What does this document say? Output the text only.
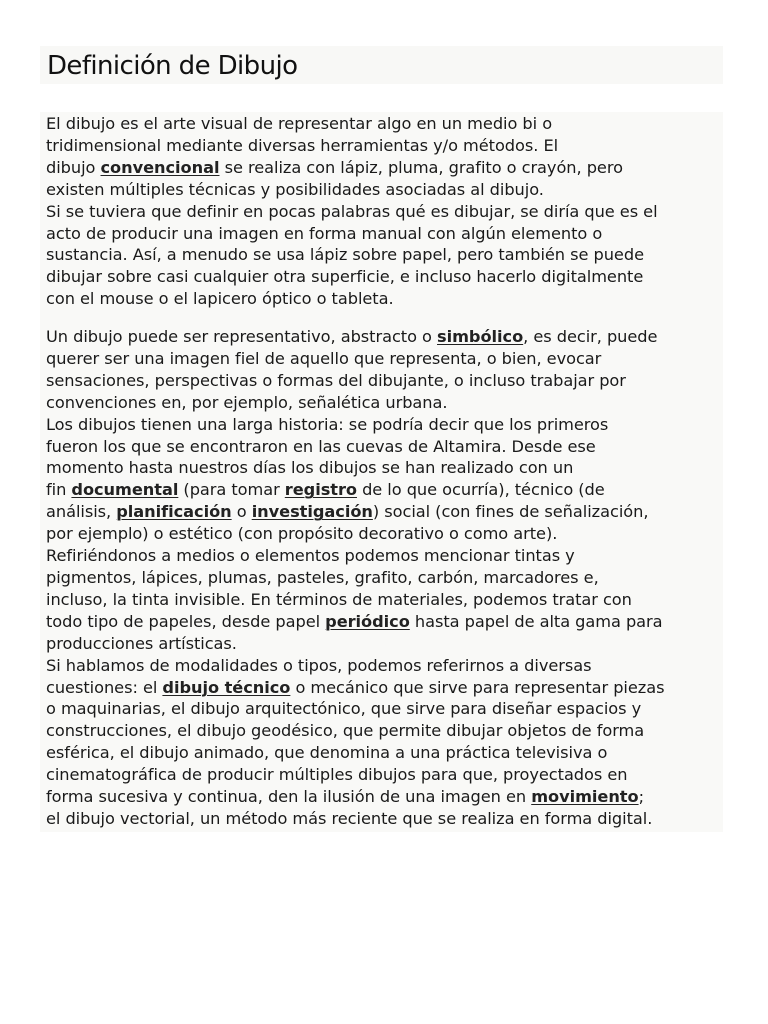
Definición de Dibujo
El dibujo es el arte visual de representar algo en un medio bi o
tridimensional mediante diversas herramientas y/o métodos. El
dibujo convencional se realiza con lápiz, pluma, grafito o crayón, pero
existen múltiples técnicas y posibilidades asociadas al dibujo.
Si se tuviera que definir en pocas palabras qué es dibujar, se diría que es el
acto de producir una imagen en forma manual con algún elemento o
sustancia. Así, a menudo se usa lápiz sobre papel, pero también se puede
dibujar sobre casi cualquier otra superficie, e incluso hacerlo digitalmente
con el mouse o el lapicero óptico o tableta.
Un dibujo puede ser representativo, abstracto o simbólico, es decir, puede
querer ser una imagen fiel de aquello que representa, o bien, evocar
sensaciones, perspectivas o formas del dibujante, o incluso trabajar por
convenciones en, por ejemplo, señalética urbana.
Los dibujos tienen una larga historia: se podría decir que los primeros
fueron los que se encontraron en las cuevas de Altamira. Desde ese
momento hasta nuestros días los dibujos se han realizado con un
fin documental (para tomar registro de lo que ocurría), técnico (de
análisis, planificación o investigación) social (con fines de señalización,
por ejemplo) o estético (con propósito decorativo o como arte).
Refiriéndonos a medios o elementos podemos mencionar tintas y
pigmentos, lápices, plumas, pasteles, grafito, carbón, marcadores e,
incluso, la tinta invisible. En términos de materiales, podemos tratar con
todo tipo de papeles, desde papel periódico hasta papel de alta gama para
producciones artísticas.
Si hablamos de modalidades o tipos, podemos referirnos a diversas
cuestiones: el dibujo técnico o mecánico que sirve para representar piezas
o maquinarias, el dibujo arquitectónico, que sirve para diseñar espacios y
construcciones, el dibujo geodésico, que permite dibujar objetos de forma
esférica, el dibujo animado, que denomina a una práctica televisiva o
cinematográfica de producir múltiples dibujos para que, proyectados en
forma sucesiva y continua, den la ilusión de una imagen en movimiento;
el dibujo vectorial, un método más reciente que se realiza en forma digital.
